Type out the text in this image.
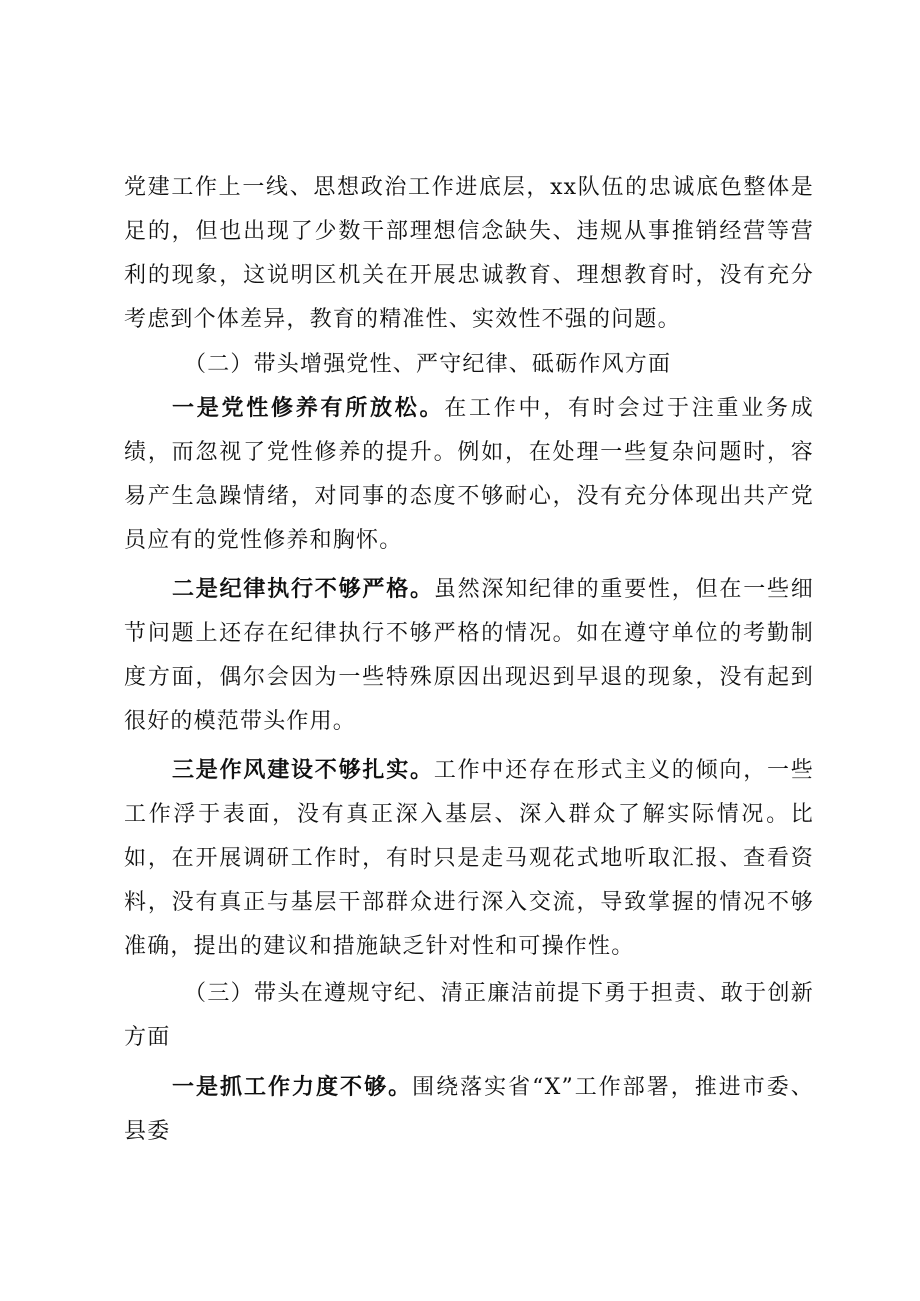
党建工作上一线、思想政治工作进底层，xx队伍的忠诚底色整体是足的，但也出现了少数干部理想信念缺失、违规从事推销经营等营利的现象，这说明区机关在开展忠诚教育、理想教育时，没有充分考虑到个体差异，教育的精准性、实效性不强的问题。

（二）带头增强党性、严守纪律、砥砺作风方面

一是党性修养有所放松。在工作中，有时会过于注重业务成绩，而忽视了党性修养的提升。例如，在处理一些复杂问题时，容易产生急躁情绪，对同事的态度不够耐心，没有充分体现出共产党员应有的党性修养和胸怀。

二是纪律执行不够严格。虽然深知纪律的重要性，但在一些细节问题上还存在纪律执行不够严格的情况。如在遵守单位的考勤制度方面，偶尔会因为一些特殊原因出现迟到早退的现象，没有起到很好的模范带头作用。

三是作风建设不够扎实。工作中还存在形式主义的倾向，一些工作浮于表面，没有真正深入基层、深入群众了解实际情况。比如，在开展调研工作时，有时只是走马观花式地听取汇报、查看资料，没有真正与基层干部群众进行深入交流，导致掌握的情况不够准确，提出的建议和措施缺乏针对性和可操作性。

（三）带头在遵规守纪、清正廉洁前提下勇于担责、敢于创新方面

一是抓工作力度不够。围绕落实省“X”工作部署，推进市委、县委
